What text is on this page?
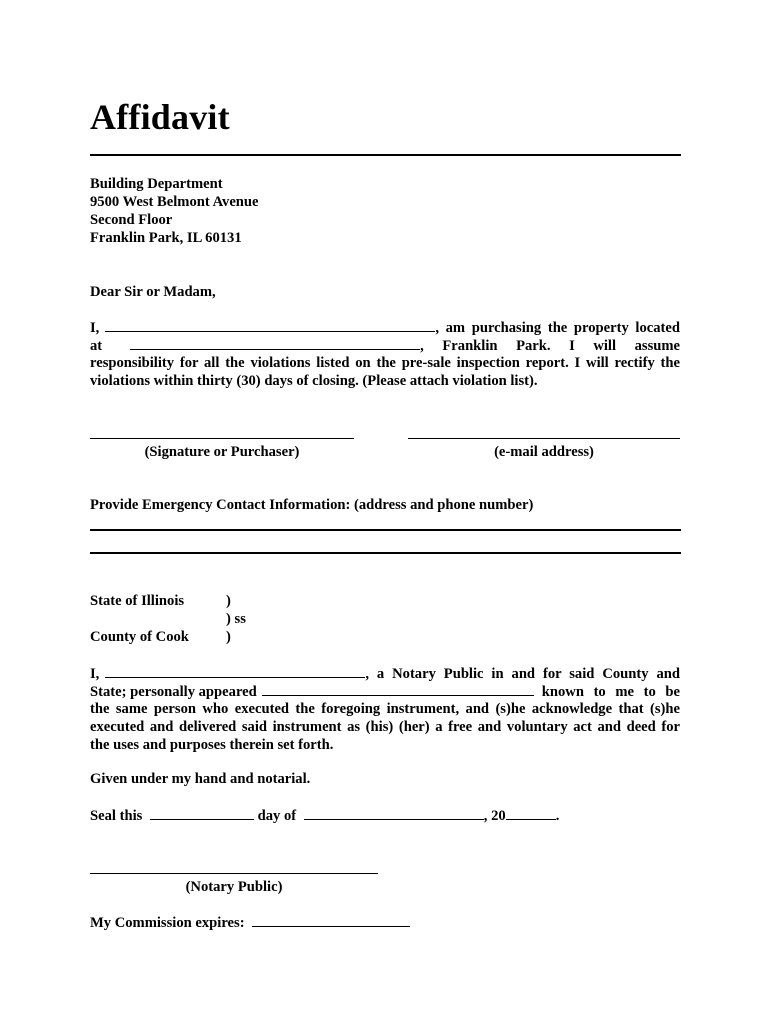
Affidavit
Building Department
9500 West Belmont Avenue
Second Floor
Franklin Park, IL 60131
Dear Sir or Madam,
I,	, am purchasing the property located
at	, Franklin Park. I will assume
responsibility for all the violations listed on the pre-sale inspection report. I will rectify the
violations within thirty (30) days of closing. (Please attach violation list).
(Signature or Purchaser)	(e-mail address)
Provide Emergency Contact Information: (address and phone number)
State of Illinois	)
) ss
County of Cook	)
I,	, a Notary Public in and for said County and
State; personally appeared	known to me to be
the same person who executed the foregoing instrument, and (s)he acknowledge that (s)he
executed and delivered said instrument as (his) (her) a free and voluntary act and deed for
the uses and purposes therein set forth.
Given under my hand and notarial.
Seal this	day of	, 20	.
(Notary Public)
My Commission expires:
